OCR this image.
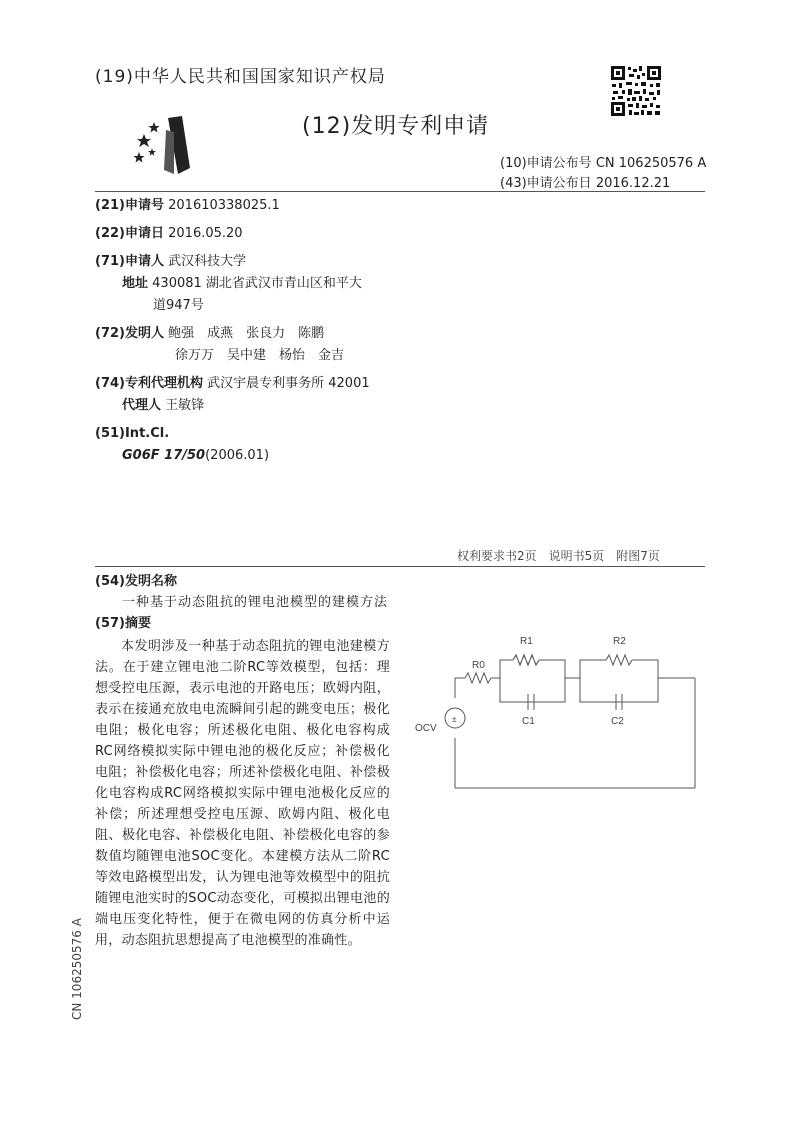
(19)中华人民共和国国家知识产权局
(12)发明专利申请
(10)申请公布号 CN 106250576 A
(43)申请公布日 2016.12.21
(21)申请号 201610338025.1
(22)申请日 2016.05.20
(71)申请人 武汉科技大学
地址 430081 湖北省武汉市青山区和平大
道947号
(72)发明人 鲍强　成燕　张良力　陈鹏
徐万万　吴中建　杨怡　金吉
(74)专利代理机构 武汉宇晨专利事务所 42001
代理人 王敏锋
(51)Int.Cl.
G06F 17/50(2006.01)
权利要求书2页　说明书5页　附图7页
(54)发明名称
一种基于动态阻抗的锂电池模型的建模方法
(57)摘要
本发明涉及一种基于动态阻抗的锂电池建模方法。在于建立锂电池二阶RC等效模型，包括：理想受控电压源，表示电池的开路电压；欧姆内阻，表示在接通充放电电流瞬间引起的跳变电压；极化电阻；极化电容；所述极化电阻、极化电容构成RC网络模拟实际中锂电池的极化反应；补偿极化电阻；补偿极化电容；所述补偿极化电阻、补偿极化电容构成RC网络模拟实际中锂电池极化反应的补偿；所述理想受控电压源、欧姆内阻、极化电阻、极化电容、补偿极化电阻、补偿极化电容的参数值均随锂电池SOC变化。本建模方法从二阶RC等效电路模型出发，认为锂电池等效模型中的阻抗随锂电池实时的SOC动态变化，可模拟出锂电池的端电压变化特性，便于在微电网的仿真分析中运用，动态阻抗思想提高了电池模型的准确性。
CN 106250576 A
±
R0
R1	R2
C1	C2
OCV
